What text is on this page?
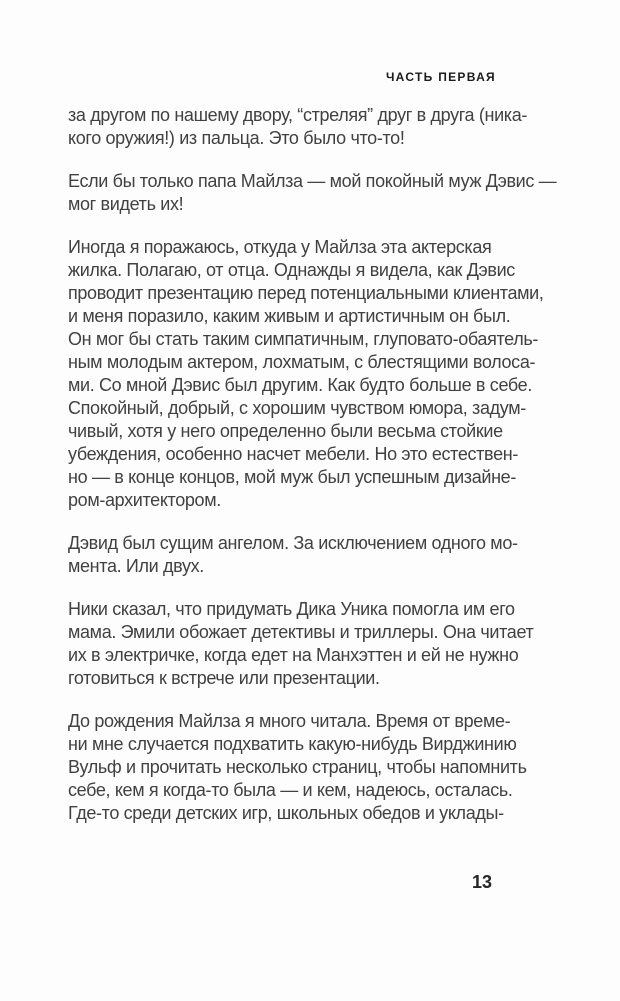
ЧАСТЬ ПЕРВАЯ
за другом по нашему двору, “стреляя” друг в друга (ника-
кого оружия!) из пальца. Это было что-то!
Если бы только папа Майлза — мой покойный муж Дэвис —
мог видеть их!
Иногда я поражаюсь, откуда у Майлза эта актерская
жилка. Полагаю, от отца. Однажды я видела, как Дэвис
проводит презентацию перед потенциальными клиентами,
и меня поразило, каким живым и артистичным он был.
Он мог бы стать таким симпатичным, глуповато-обаятель-
ным молодым актером, лохматым, с блестящими волоса-
ми. Со мной Дэвис был другим. Как будто больше в себе.
Спокойный, добрый, с хорошим чувством юмора, задум-
чивый, хотя у него определенно были весьма стойкие
убеждения, особенно насчет мебели. Но это естествен-
но — в конце концов, мой муж был успешным дизайне-
ром-архитектором.
Дэвид был сущим ангелом. За исключением одного мо-
мента. Или двух.
Ники сказал, что придумать Дика Уника помогла им его
мама. Эмили обожает детективы и триллеры. Она читает
их в электричке, когда едет на Манхэттен и ей не нужно
готовиться к встрече или презентации.
До рождения Майлза я много читала. Время от време-
ни мне случается подхватить какую-нибудь Вирджинию
Вульф и прочитать несколько страниц, чтобы напомнить
себе, кем я когда-то была — и кем, надеюсь, осталась.
Где-то среди детских игр, школьных обедов и уклады-
13
